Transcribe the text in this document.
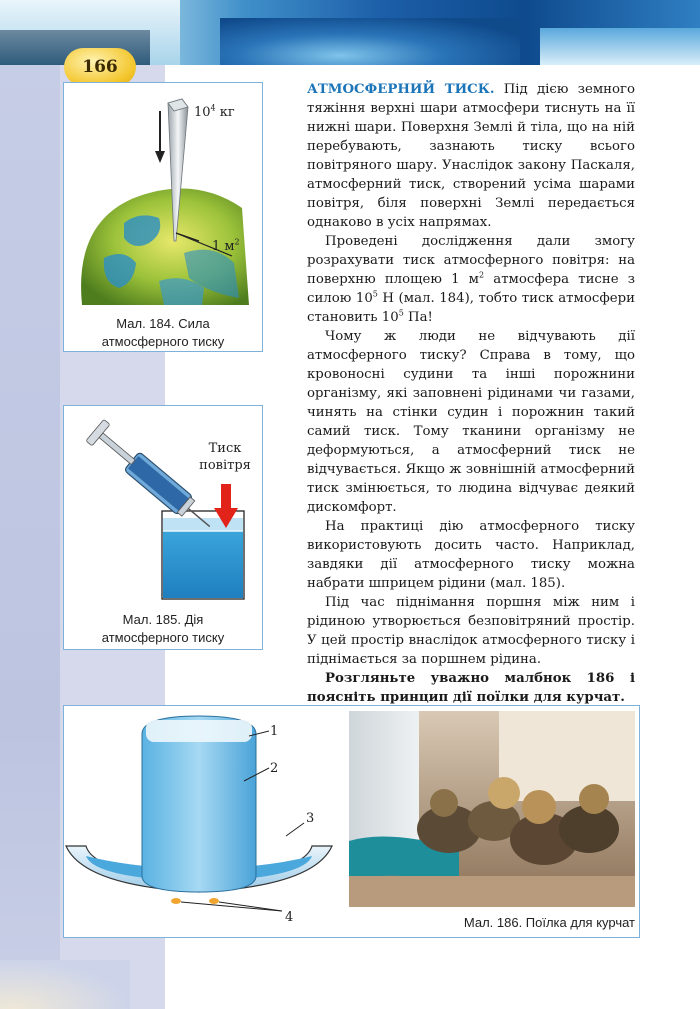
166
$10^4$ кг
1 $м^2$
Мал. 184. Сила
атмосферного тиску
Тиск
повітря
Мал. 185. Дія
атмосферного тиску

АТМОСФЕРНИЙ ТИСК. Під дією земного тяжіння верхні шари атмосфери тиснуть на її нижні шари. Поверхня Землі й тіла, що на ній перебувають, зазнають тиску всього повітряного шару. Унаслідок закону Паскаля, атмосферний тиск, створений усіма шарами повітря, біля поверхні Землі передається однаково в усіх напрямах.

Проведені дослідження дали змогу розрахувати тиск атмосферного повітря: на поверхню площею 1 $м^2$ атмосфера тисне з силою $10^5$ Н (мал. 184), тобто тиск атмосфери становить $10^5$ Па!

Чому ж люди не відчувають дії атмосферного тиску? Справа в тому, що кровоносні судини та інші порожнини організму, які заповнені рідинами чи газами, чинять на стінки судин і порожнин такий самий тиск. Тому тканини організму не деформуються, а атмосферний тиск не відчувається. Якщо ж зовнішній атмосферний тиск змінюється, то людина відчуває деякий дискомфорт.

На практиці дію атмосферного тиску використовують досить часто. Наприклад, завдяки дії атмосферного тиску можна набрати шприцем рідини (мал. 185).

Під час піднімання поршня між ним і рідиною утворюється безповітряний простір. У цей простір внаслідок атмосферного тиску і піднімається за поршнем рідина.

Розгляньте уважно малбнок 186 і поясніть принцип дії поїлки для курчат.

1
2
3
4	Мал. 186. Поїлка для курчат
